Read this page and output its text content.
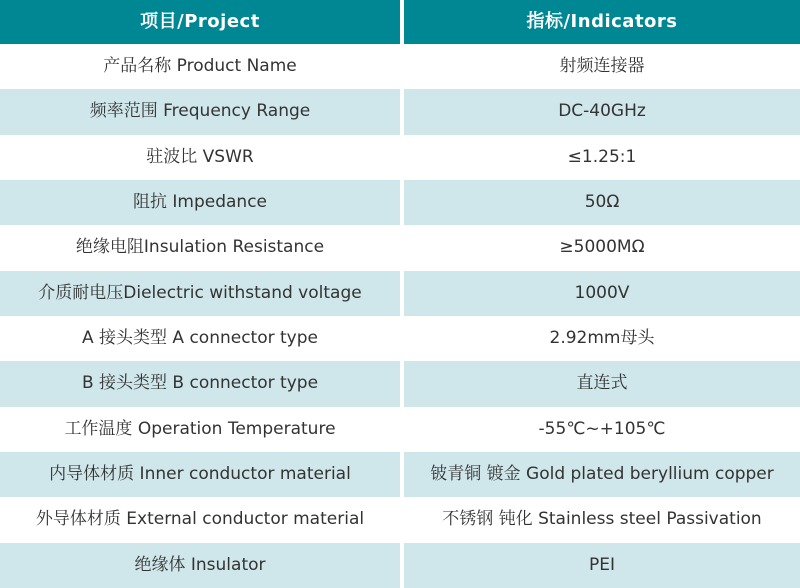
项目/Project	指标/Indicators
产品名称 Product Name	射频连接器
频率范围 Frequency Range	DC-40GHz
驻波比 VSWR	≤1.25:1
阻抗 Impedance	50Ω
绝缘电阻Insulation Resistance	≥5000MΩ
介质耐电压Dielectric withstand voltage	1000V
A 接头类型 A connector type	2.92mm母头
B 接头类型 B connector type	直连式
工作温度 Operation Temperature	-55℃~+105℃
内导体材质 Inner conductor material	铍青铜 镀金 Gold plated beryllium copper
外导体材质 External conductor material	不锈钢 钝化 Stainless steel Passivation
绝缘体 Insulator	PEI
